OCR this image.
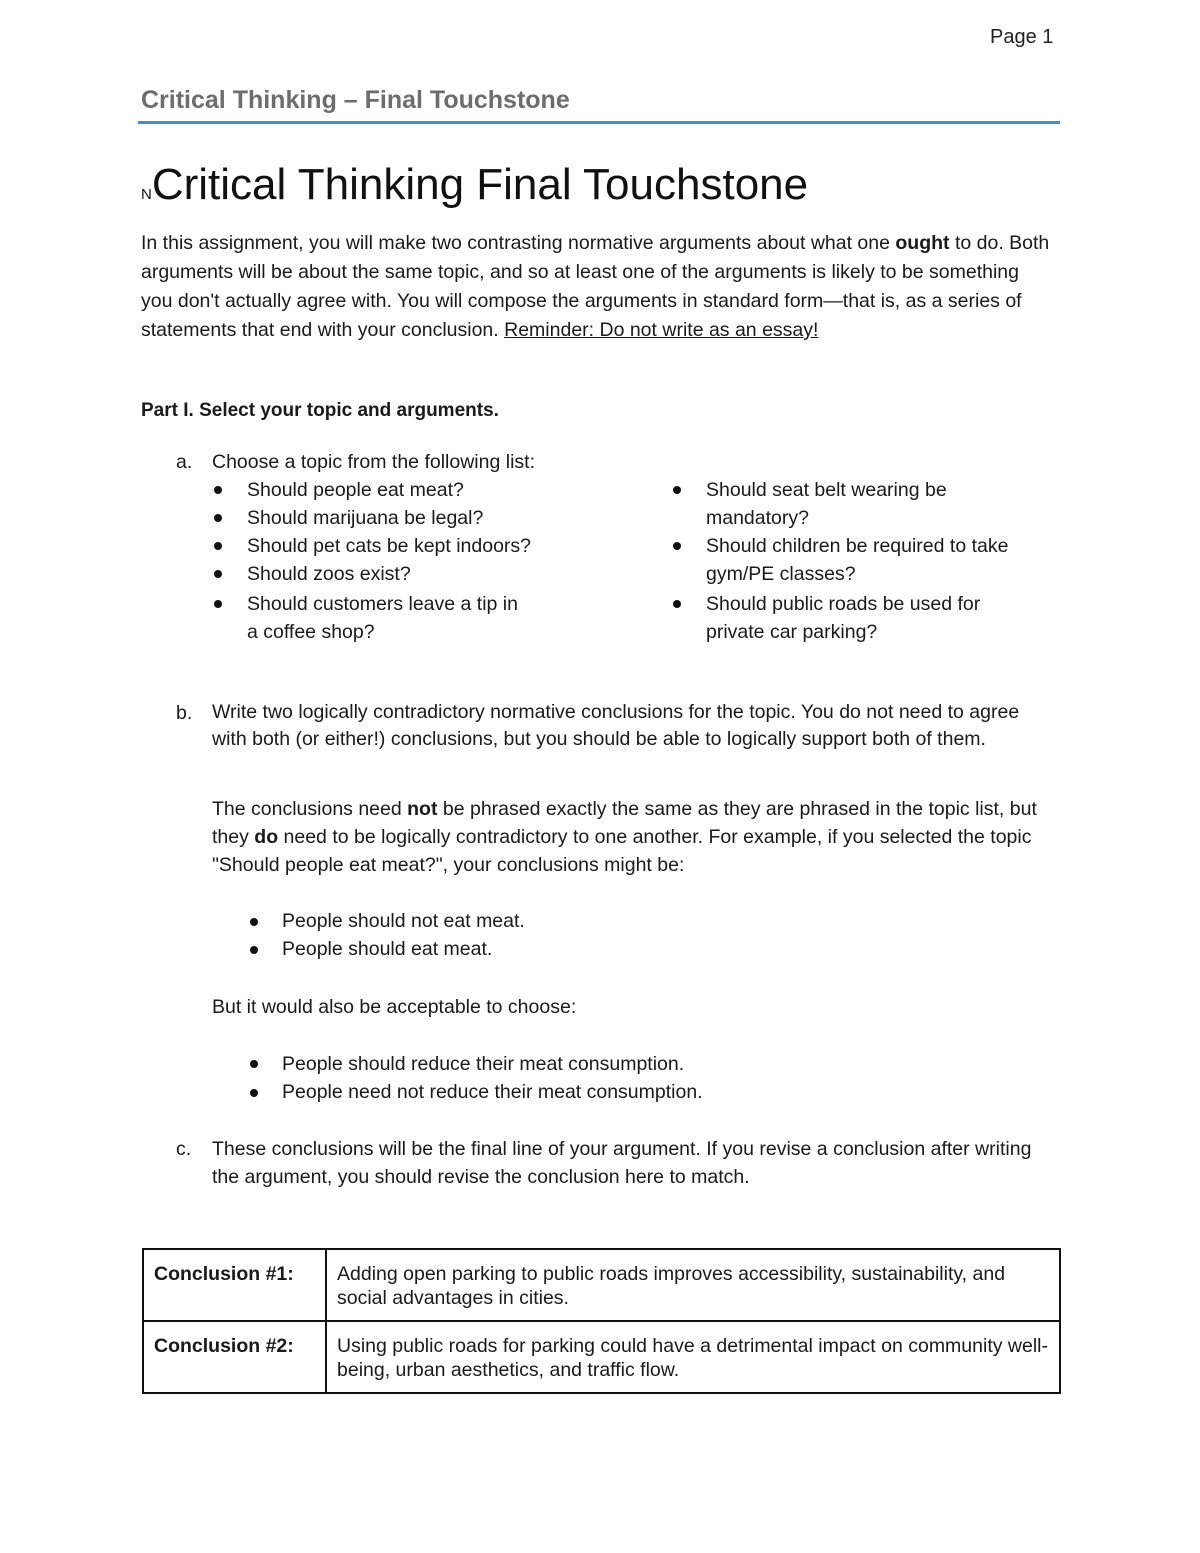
Page 1
Critical Thinking – Final Touchstone
NCritical Thinking Final Touchstone
In this assignment, you will make two contrasting normative arguments about what one ought to do. Both arguments will be about the same topic, and so at least one of the arguments is likely to be something you don't actually agree with. You will compose the arguments in standard form—that is, as a series of statements that end with your conclusion. Reminder: Do not write as an essay!
Part I. Select your topic and arguments.
a. Choose a topic from the following list:
Should people eat meat?
Should marijuana be legal?
Should pet cats be kept indoors?
Should zoos exist?
Should customers leave a tip in
a coffee shop?
Should seat belt wearing be
mandatory?
Should children be required to take
gym/PE classes?
Should public roads be used for
private car parking?
b. Write two logically contradictory normative conclusions for the topic. You do not need to agree with both (or either!) conclusions, but you should be able to logically support both of them.
The conclusions need not be phrased exactly the same as they are phrased in the topic list, but they do need to be logically contradictory to one another. For example, if you selected the topic "Should people eat meat?", your conclusions might be:
People should not eat meat.
People should eat meat.
But it would also be acceptable to choose:
People should reduce their meat consumption.
People need not reduce their meat consumption.
c. These conclusions will be the final line of your argument. If you revise a conclusion after writing the argument, you should revise the conclusion here to match.
Conclusion #1:	Adding open parking to public roads improves accessibility, sustainability, and social advantages in cities.
Conclusion #2:	Using public roads for parking could have a detrimental impact on community well-being, urban aesthetics, and traffic flow.
